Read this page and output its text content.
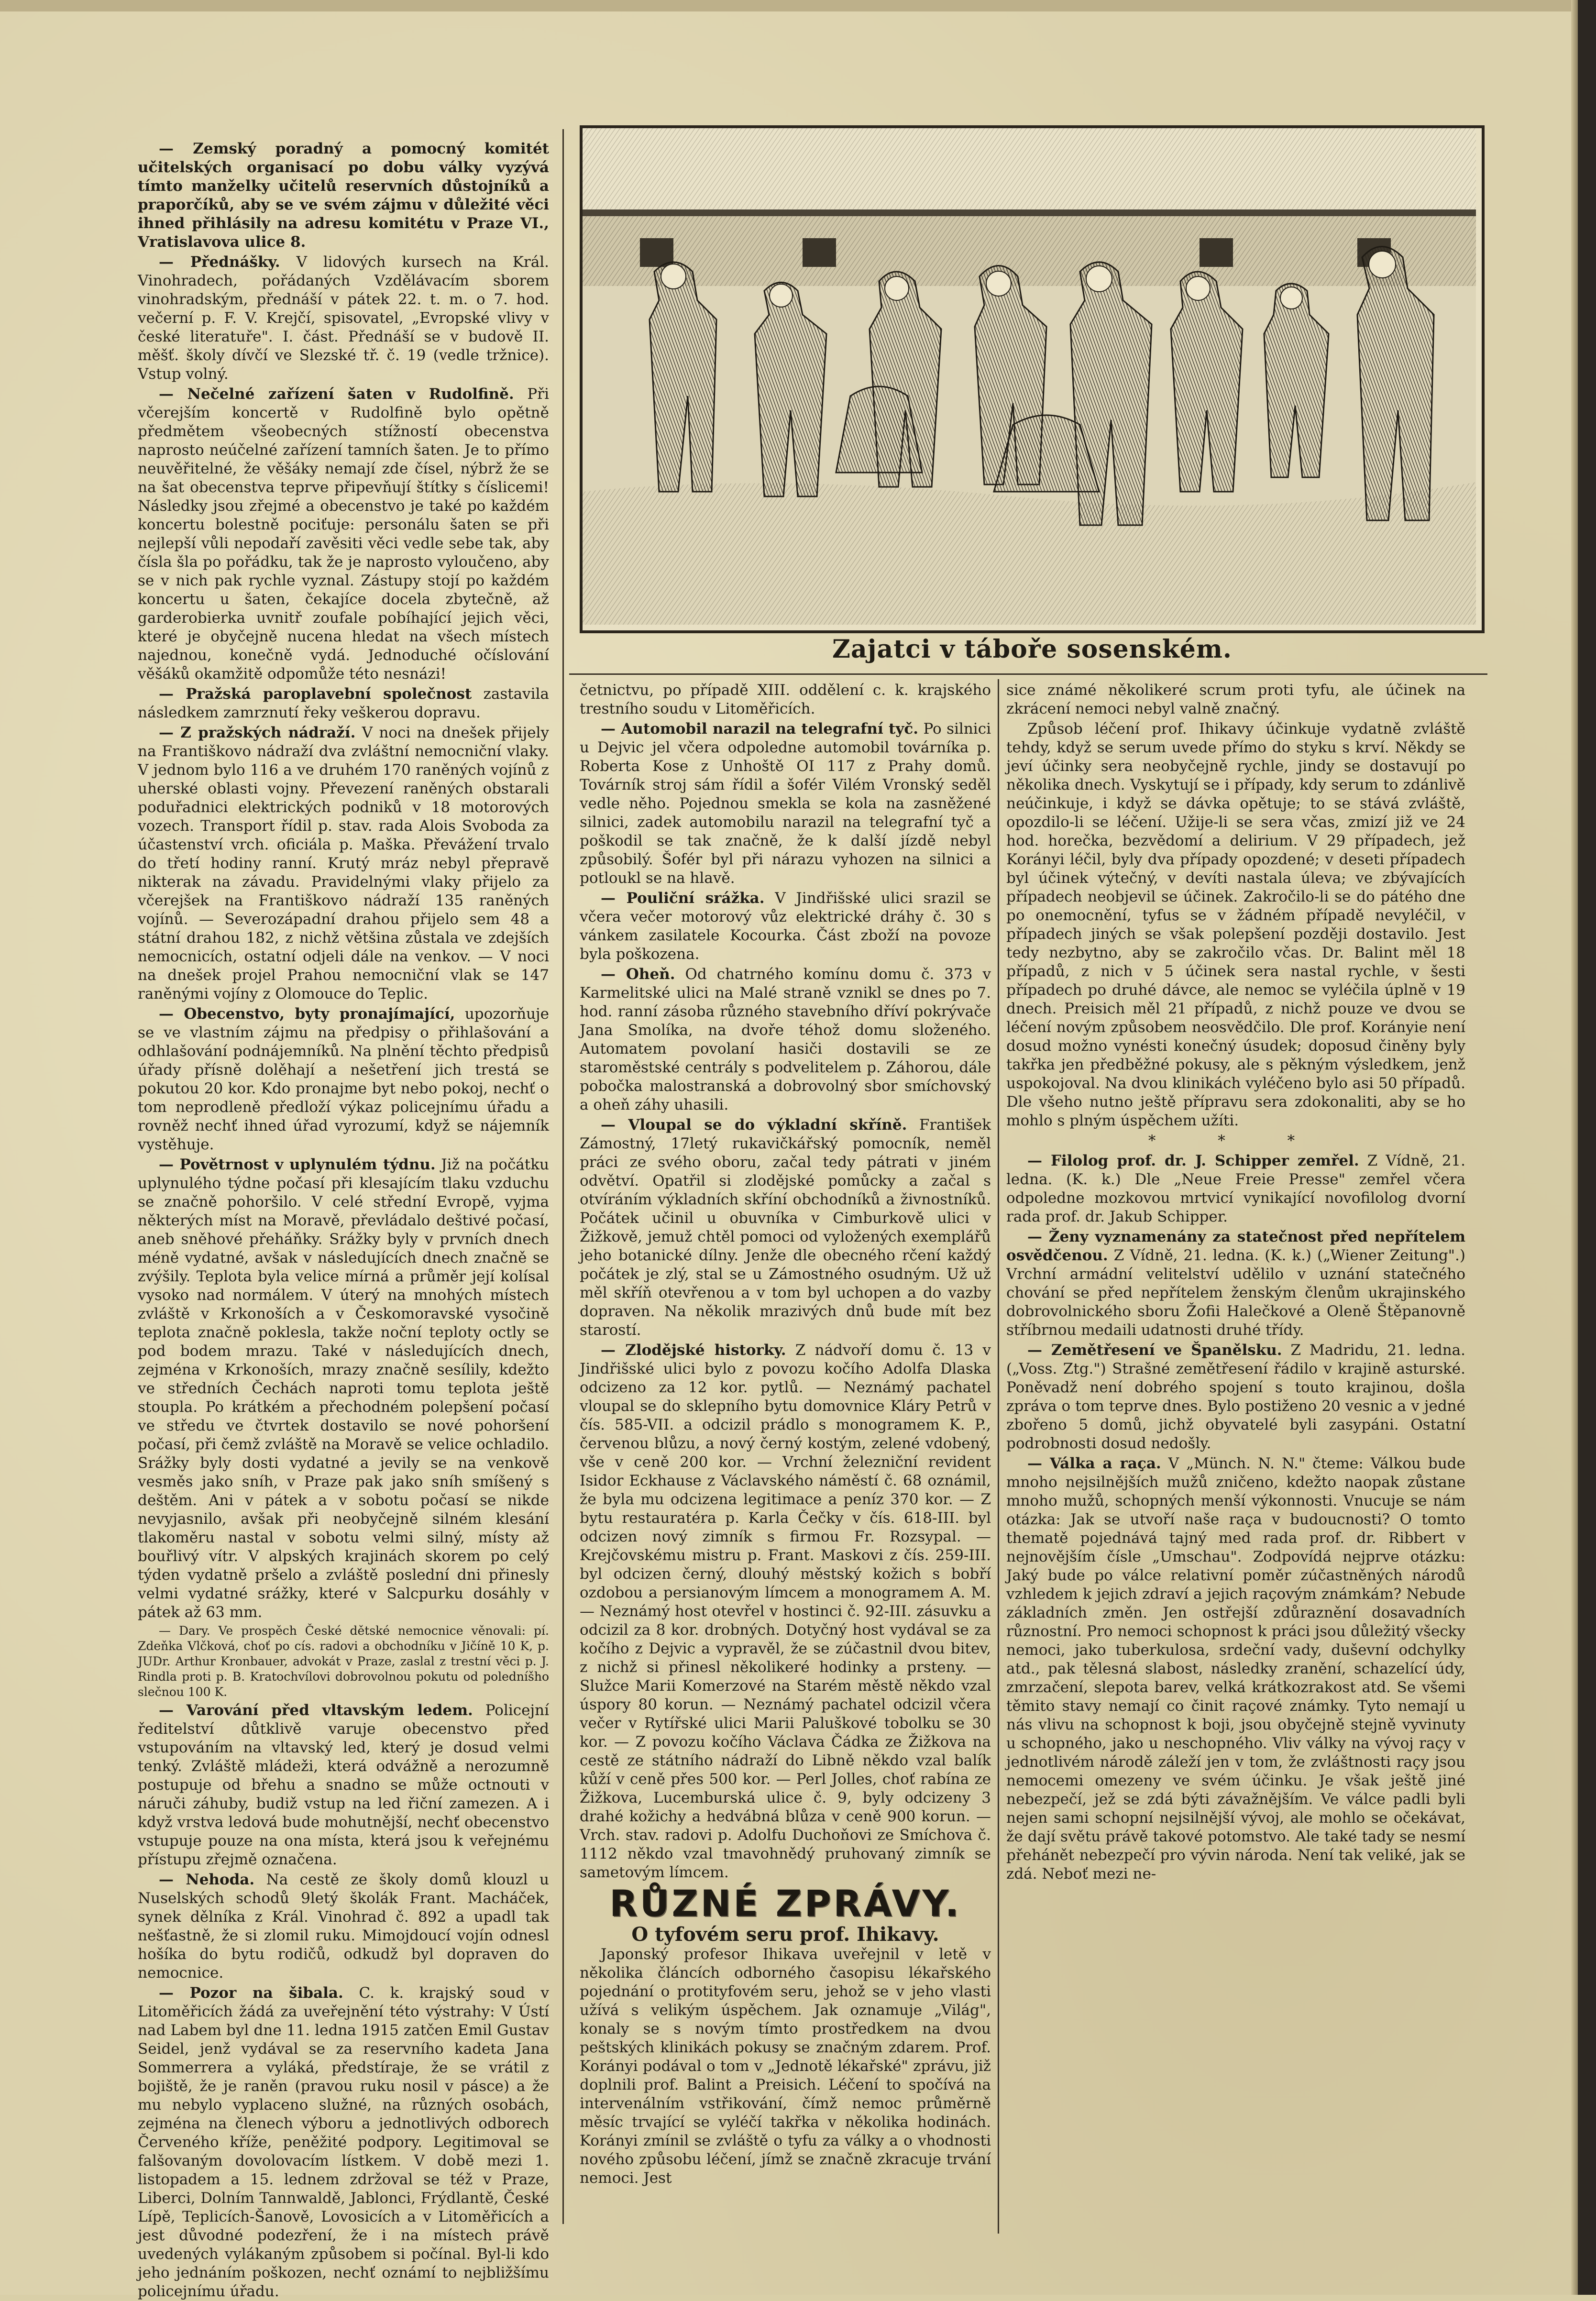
— Zemský poradný a pomocný komitét učitelských organisací po dobu války vyzývá tímto manželky učitelů reservních důstojníků a praporčíků, aby se ve svém zájmu v důležité věci ihned přihlásily na adresu komitétu v Praze VI., Vratislavova ulice 8.

— Přednášky. V lidových kursech na Král. Vinohradech, pořádaných Vzdělávacím sborem vinohradským, přednáší v pátek 22. t. m. o 7. hod. večerní p. F. V. Krejčí, spisovatel, „Evropské vlivy v české literatuře". I. část. Přednáší se v budově II. měšť. školy dívčí ve Slezské tř. č. 19 (vedle tržnice). Vstup volný.

— Nečelné zařízení šaten v Rudolfině. Při včerejším koncertě v Rudolfině bylo opětně předmětem všeobecných stížností obecenstva naprosto neúčelné zařízení tamních šaten. Je to přímo neuvěřitelné, že věšáky nemají zde čísel, nýbrž že se na šat obecenstva teprve připevňují štítky s číslicemi! Následky jsou zřejmé a obecenstvo je také po každém koncertu bolestně pociťuje: personálu šaten se při nejlepší vůli nepodaří zavěsiti věci vedle sebe tak, aby čísla šla po pořádku, tak že je naprosto vyloučeno, aby se v nich pak rychle vyznal. Zástupy stojí po každém koncertu u šaten, čekajíce docela zbytečně, až garderobierka uvnitř zoufale pobíhající jejich věci, které je obyčejně nucena hledat na všech místech najednou, konečně vydá. Jednoduché očíslování věšáků okamžitě odpomůže této nesnázi!

— Pražská paroplavební společnost zastavila následkem zamrznutí řeky veškerou dopravu.

— Z pražských nádraží. V noci na dnešek přijely na Františkovo nádraží dva zvláštní nemocniční vlaky. V jednom bylo 116 a ve druhém 170 raněných vojínů z uherské oblasti vojny. Převezení raněných obstarali poduřadnici elektrických podniků v 18 motorových vozech. Transport řídil p. stav. rada Alois Svoboda za účastenství vrch. oficiála p. Maška. Převážení trvalo do třetí hodiny ranní. Krutý mráz nebyl přepravě nikterak na závadu. Pravidelnými vlaky přijelo za včerejšek na Františkovo nádraží 135 raněných vojínů. — Severozápadní drahou přijelo sem 48 a státní drahou 182, z nichž většina zůstala ve zdejších nemocnicích, ostatní odjeli dále na venkov. — V noci na dnešek projel Prahou nemocniční vlak se 147 raněnými vojíny z Olomouce do Teplic.

— Obecenstvo, byty pronajímající, upozorňuje se ve vlastním zájmu na předpisy o přihlašování a odhlašování podnájemníků. Na plnění těchto předpisů úřady přísně dolěhají a nešetření jich trestá se pokutou 20 kor. Kdo pronajme byt nebo pokoj, nechť o tom neprodleně předloží výkaz policejnímu úřadu a rovněž nechť ihned úřad vyrozumí, když se nájemník vystěhuje.

— Povětrnost v uplynulém týdnu. Již na počátku uplynulého týdne počasí při klesajícím tlaku vzduchu se značně pohoršilo. V celé střední Evropě, vyjma některých míst na Moravě, převládalo deštivé počasí, aneb sněhové přeháňky. Srážky byly v prvních dnech méně vydatné, avšak v následujících dnech značně se zvýšily. Teplota byla velice mírná a průměr její kolísal vysoko nad normálem. V úterý na mnohých místech zvláště v Krkonoších a v Českomoravské vysočině teplota značně poklesla, takže noční teploty octly se pod bodem mrazu. Také v následujících dnech, zejména v Krkonoších, mrazy značně sesílily, kdežto ve středních Čechách naproti tomu teplota ještě stoupla. Po krátkém a přechodném polepšení počasí ve středu ve čtvrtek dostavilo se nové pohoršení počasí, při čemž zvláště na Moravě se velice ochladilo. Srážky byly dosti vydatné a jevily se na venkově vesměs jako sníh, v Praze pak jako sníh smíšený s deštěm. Ani v pátek a v sobotu počasí se nikde nevyjasnilo, avšak při neobyčejně silném klesání tlakoměru nastal v sobotu velmi silný, místy až bouřlivý vítr. V alpských krajinách skorem po celý týden vydatně pršelo a zvláště poslední dni přinesly velmi vydatné srážky, které v Salcpurku dosáhly v pátek až 63 mm.

— Dary. Ve prospěch České dětské nemocnice věnovali: pí. Zdeňka Vlčková, choť po cís. radovi a obchodníku v Jičíně 10 K, p. JUDr. Arthur Kronbauer, advokát v Praze, zaslal z trestní věci p. J. Rindla proti p. B. Kratochvílovi dobrovolnou pokutu od poledníšho slečnou 100 K.

— Varování před vltavským ledem. Policejní ředitelství důtklivě varuje obecenstvo před vstupováním na vltavský led, který je dosud velmi tenký. Zvláště mládeži, která odvážně a nerozumně postupuje od břehu a snadno se může octnouti v náruči záhuby, budiž vstup na led řiční zamezen. A i když vrstva ledová bude mohutnější, nechť obecenstvo vstupuje pouze na ona místa, která jsou k veřejnému přístupu zřejmě označena.

— Nehoda. Na cestě ze školy domů klouzl u Nuselských schodů 9letý školák Frant. Macháček, synek dělníka z Král. Vinohrad č. 892 a upadl tak nešťastně, že si zlomil ruku. Mimojdoucí vojín odnesl hošíka do bytu rodičů, odkudž byl dopraven do nemocnice.

— Pozor na šibala. C. k. krajský soud v Litoměřicích žádá za uveřejnění této výstrahy: V Ústí nad Labem byl dne 11. ledna 1915 zatčen Emil Gustav Seidel, jenž vydával se za reservního kadeta Jana Sommerrera a vyláká, předstíraje, že se vrátil z bojiště, že je raněn (pravou ruku nosil v pásce) a že mu nebylo vyplaceno služné, na různých osobách, zejména na členech výboru a jednotlivých odborech Červeného kříže, peněžité podpory. Legitimoval se falšovaným dovolovacím lístkem. V době mezi 1. listopadem a 15. lednem zdržoval se též v Praze, Liberci, Dolním Tannwaldě, Jablonci, Frýdlantě, České Lípě, Teplicích-Šanově, Lovosicích a v Litoměřicích a jest důvodné podezření, že i na místech právě uvedených vylákaným způsobem si počínal. Byl-li kdo jeho jednáním poškozen, nechť oznámí to nejbližšímu policejnímu úřadu.

Zajatci v táboře sosenském.

četnictvu, po případě XIII. oddělení c. k. krajského trestního soudu v Litoměřicích.

— Automobil narazil na telegrafní tyč. Po silnici u Dejvic jel včera odpoledne automobil továrníka p. Roberta Kose z Unhoště OI 117 z Prahy domů. Továrník stroj sám řídil a šofér Vilém Vronský seděl vedle něho. Pojednou smekla se kola na zasněžené silnici, zadek automobilu narazil na telegrafní tyč a poškodil se tak značně, že k další jízdě nebyl způsobilý. Šofér byl při nárazu vyhozen na silnici a potloukl se na hlavě.

— Pouliční srážka. V Jindřišské ulici srazil se včera večer motorový vůz elektrické dráhy č. 30 s vánkem zasilatele Kocourka. Část zboží na povoze byla poškozena.

— Oheň. Od chatrného komínu domu č. 373 v Karmelitské ulici na Malé straně vznikl se dnes po 7. hod. ranní zásoba různého stavebního dříví pokrývače Jana Smolíka, na dvoře téhož domu složeného. Automatem povolaní hasiči dostavili se ze staroměstské centrály s podvelitelem p. Záhorou, dále pobočka malostranská a dobrovolný sbor smíchovský a oheň záhy uhasili.

— Vloupal se do výkladní skříně. František Zámostný, 17letý rukavičkářský pomocník, neměl práci ze svého oboru, začal tedy pátrati v jiném odvětví. Opatřil si zlodějské pomůcky a začal s otvíráním výkladních skříní obchodníků a živnostníků. Počátek učinil u obuvníka v Cimburkově ulici v Žižkově, jemuž chtěl pomoci od vyložených exemplářů jeho botanické dílny. Jenže dle obecného rčení každý počátek je zlý, stal se u Zámostného osudným. Už už měl skříň otevřenou a v tom byl uchopen a do vazby dopraven. Na několik mrazivých dnů bude mít bez starostí.

— Zlodějské historky. Z nádvoří domu č. 13 v Jindřišské ulici bylo z povozu kočího Adolfa Dlaska odcizeno za 12 kor. pytlů. — Neznámý pachatel vloupal se do sklepního bytu domovnice Kláry Petrů v čís. 585-VII. a odcizil prádlo s monogramem K. P., červenou blůzu, a nový černý kostým, zelené vdobený, vše v ceně 200 kor. — Vrchní železniční revident Isidor Eckhause z Václavského náměstí č. 68 oznámil, že byla mu odcizena legitimace a peníz 370 kor. — Z bytu restauratéra p. Karla Čečky v čís. 618-III. byl odcizen nový zimník s firmou Fr. Rozsypal. — Krejčovskému mistru p. Frant. Maskovi z čís. 259-III. byl odcizen černý, dlouhý městský kožich s bobří ozdobou a persianovým límcem a monogramem A. M. — Neznámý host otevřel v hostinci č. 92-III. zásuvku a odcizil za 8 kor. drobných. Dotyčný host vydával se za kočího z Dejvic a vypravěl, že se zúčastnil dvou bitev, z nichž si přinesl několikeré hodinky a prsteny. — Služce Marii Komerzové na Starém městě někdo vzal úspory 80 korun. — Neznámý pachatel odcizil včera večer v Rytířské ulici Marii Paluškové tobolku se 30 kor. — Z povozu kočího Václava Čádka ze Žižkova na cestě ze státního nádraží do Libně někdo vzal balík kůží v ceně přes 500 kor. — Perl Jolles, choť rabína ze Žižkova, Lucemburská ulice č. 9, byly odcizeny 3 drahé kožichy a hedvábná blůza v ceně 900 korun. — Vrch. stav. radovi p. Adolfu Duchoňovi ze Smíchova č. 1112 někdo vzal tmavohnědý pruhovaný zimník se sametovým límcem.

RŮZNÉ ZPRÁVY.

O tyfovém seru prof. Ihikavy.

Japonský profesor Ihikava uveřejnil v letě v několika článcích odborného časopisu lékařského pojednání o protityfovém seru, jehož se v jeho vlasti užívá s velikým úspěchem. Jak oznamuje „Világ", konaly se s novým tímto prostředkem na dvou peštských klinikách pokusy se značným zdarem. Prof. Korányi podával o tom v „Jednotě lékařské" zprávu, již doplnili prof. Balint a Preisich. Léčení to spočívá na intervenálním vstřikování, čímž nemoc průměrně měsíc trvající se vyléčí takřka v několika hodinách. Korányi zmínil se zvláště o tyfu za války a o vhodnosti nového způsobu léčení, jímž se značně zkracuje trvání nemoci. Jest

sice známé několikeré scrum proti tyfu, ale účinek na zkrácení nemoci nebyl valně značný.

Způsob léčení prof. Ihikavy účinkuje vydatně zvláště tehdy, když se serum uvede přímo do styku s krví. Někdy se jeví účinky sera neobyčejně rychle, jindy se dostavují po několika dnech. Vyskytují se i případy, kdy serum to zdánlivě neúčinkuje, i když se dávka opětuje; to se stává zvláště, opozdilo-li se léčení. Užije-li se sera včas, zmizí již ve 24 hod. horečka, bezvědomí a delirium. V 29 případech, jež Korányi léčil, byly dva případy opozdené; v deseti případech byl účinek výtečný, v devíti nastala úleva; ve zbývajících případech neobjevil se účinek. Zakročilo-li se do pátého dne po onemocnění, tyfus se v žádném případě nevyléčil, v případech jiných se však polepšení později dostavilo. Jest tedy nezbytno, aby se zakročilo včas. Dr. Balint měl 18 případů, z nich v 5 účinek sera nastal rychle, v šesti případech po druhé dávce, ale nemoc se vyléčila úplně v 19 dnech. Preisich měl 21 případů, z nichž pouze ve dvou se léčení novým způsobem neosvědčilo. Dle prof. Korányie není dosud možno vynésti konečný úsudek; doposud činěny byly takřka jen předběžné pokusy, ale s pěkným výsledkem, jenž uspokojoval. Na dvou klinikách vyléčeno bylo asi 50 případů. Dle všeho nutno ještě přípravu sera zdokonaliti, aby se ho mohlo s plným úspěchem užíti.

* * *

— Filolog prof. dr. J. Schipper zemřel. Z Vídně, 21. ledna. (K. k.) Dle „Neue Freie Presse" zemřel včera odpoledne mozkovou mrtvicí vynikající novofilolog dvorní rada prof. dr. Jakub Schipper.

— Ženy vyznamenány za statečnost před nepřítelem osvědčenou. Z Vídně, 21. ledna. (K. k.) („Wiener Zeitung".) Vrchní armádní velitelství udělilo v uznání statečného chování se před nepřítelem ženským členům ukrajinského dobrovolnického sboru Žofii Halečkové a Oleně Štěpanovně stříbrnou medaili udatnosti druhé třídy.

— Zemětřesení ve Španělsku. Z Madridu, 21. ledna. („Voss. Ztg.") Strašné zemětřesení řádilo v krajině asturské. Poněvadž není dobrého spojení s touto krajinou, došla zpráva o tom teprve dnes. Bylo postiženo 20 vesnic a v jedné zbořeno 5 domů, jichž obyvatelé byli zasypáni. Ostatní podrobnosti dosud nedošly.

— Válka a raça. V „Münch. N. N." čteme: Válkou bude mnoho nejsilnějších mužů zničeno, kdežto naopak zůstane mnoho mužů, schopných menší výkonnosti. Vnucuje se nám otázka: Jak se utvoří naše raça v budoucnosti? O tomto thematě pojednává tajný med rada prof. dr. Ribbert v nejnovějším čísle „Umschau". Zodpovídá nejprve otázku: Jaký bude po válce relativní poměr zúčastněných národů vzhledem k jejich zdraví a jejich raçovým známkám? Nebude základních změn. Jen ostřejší zdůraznění dosavadních různostní. Pro nemoci schopnost k práci jsou důležitý všecky nemoci, jako tuberkulosa, srdeční vady, duševní odchylky atd., pak tělesná slabost, následky zranění, schazelící údy, zmrzačení, slepota barev, velká krátkozrakost atd. Se všemi těmito stavy nemají co činit raçové známky. Tyto nemají u nás vlivu na schopnost k boji, jsou obyčejně stejně vyvinuty u schopného, jako u neschopného. Vliv války na vývoj raçy v jednotlivém národě záleží jen v tom, že zvláštnosti raçy jsou nemocemi omezeny ve svém účinku. Je však ještě jiné nebezpečí, jež se zdá býti závažnějším. Ve válce padli byli nejen sami schopní nejsilnější vývoj, ale mohlo se očekávat, že dají světu právě takové potomstvo. Ale také tady se nesmí přehánět nebezpečí pro vývin národa. Není tak veliké, jak se zdá. Neboť mezi ne-
